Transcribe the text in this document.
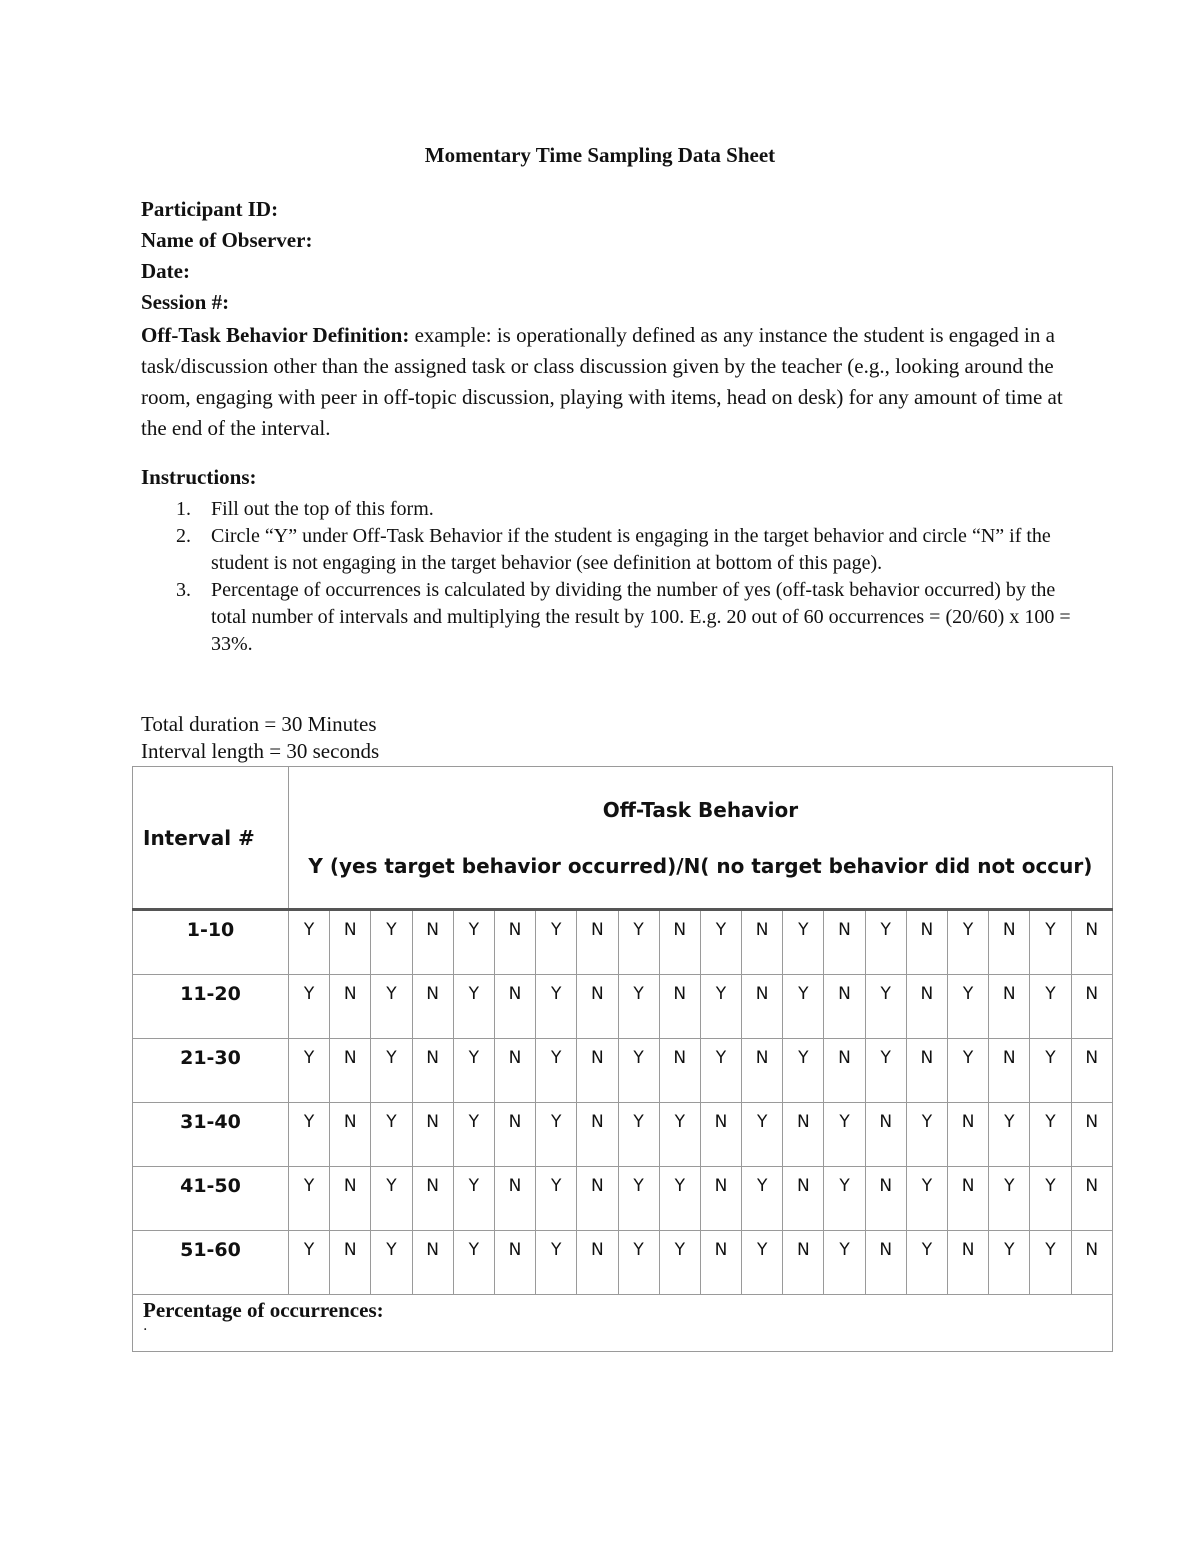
Momentary Time Sampling Data Sheet
Participant ID:
Name of Observer:
Date:
Session #:
Off-Task Behavior Definition: example: is operationally defined as any instance the student is engaged in a task/discussion other than the assigned task or class discussion given by the teacher (e.g., looking around the room, engaging with peer in off-topic discussion, playing with items, head on desk) for any amount of time at the end of the interval.
Instructions:
1. Fill out the top of this form.
2. Circle “Y” under Off-Task Behavior if the student is engaging in the target behavior and circle “N” if the student is not engaging in the target behavior (see definition at bottom of this page).
3. Percentage of occurrences is calculated by dividing the number of yes (off-task behavior occurred) by the total number of intervals and multiplying the result by 100. E.g. 20 out of 60 occurrences = (20/60) x 100 = 33%.
Total duration = 30 Minutes
Interval length = 30 seconds
Interval #	Off-Task Behavior
Y (yes target behavior occurred)/N( no target behavior did not occur)																			

1-10	Y	N	Y	N	Y	N	Y	N	Y	N	Y	N	Y	N	Y	N	Y	N	Y	N
11-20	Y	N	Y	N	Y	N	Y	N	Y	N	Y	N	Y	N	Y	N	Y	N	Y	N
21-30	Y	N	Y	N	Y	N	Y	N	Y	N	Y	N	Y	N	Y	N	Y	N	Y	N
31-40	Y	N	Y	N	Y	N	Y	N	Y	Y	N	Y	N	Y	N	Y	N	Y	Y	N
41-50	Y	N	Y	N	Y	N	Y	N	Y	Y	N	Y	N	Y	N	Y	N	Y	Y	N
51-60	Y	N	Y	N	Y	N	Y	N	Y	Y	N	Y	N	Y	N	Y	N	Y	Y	N
Percentage of occurrences:																				
.
